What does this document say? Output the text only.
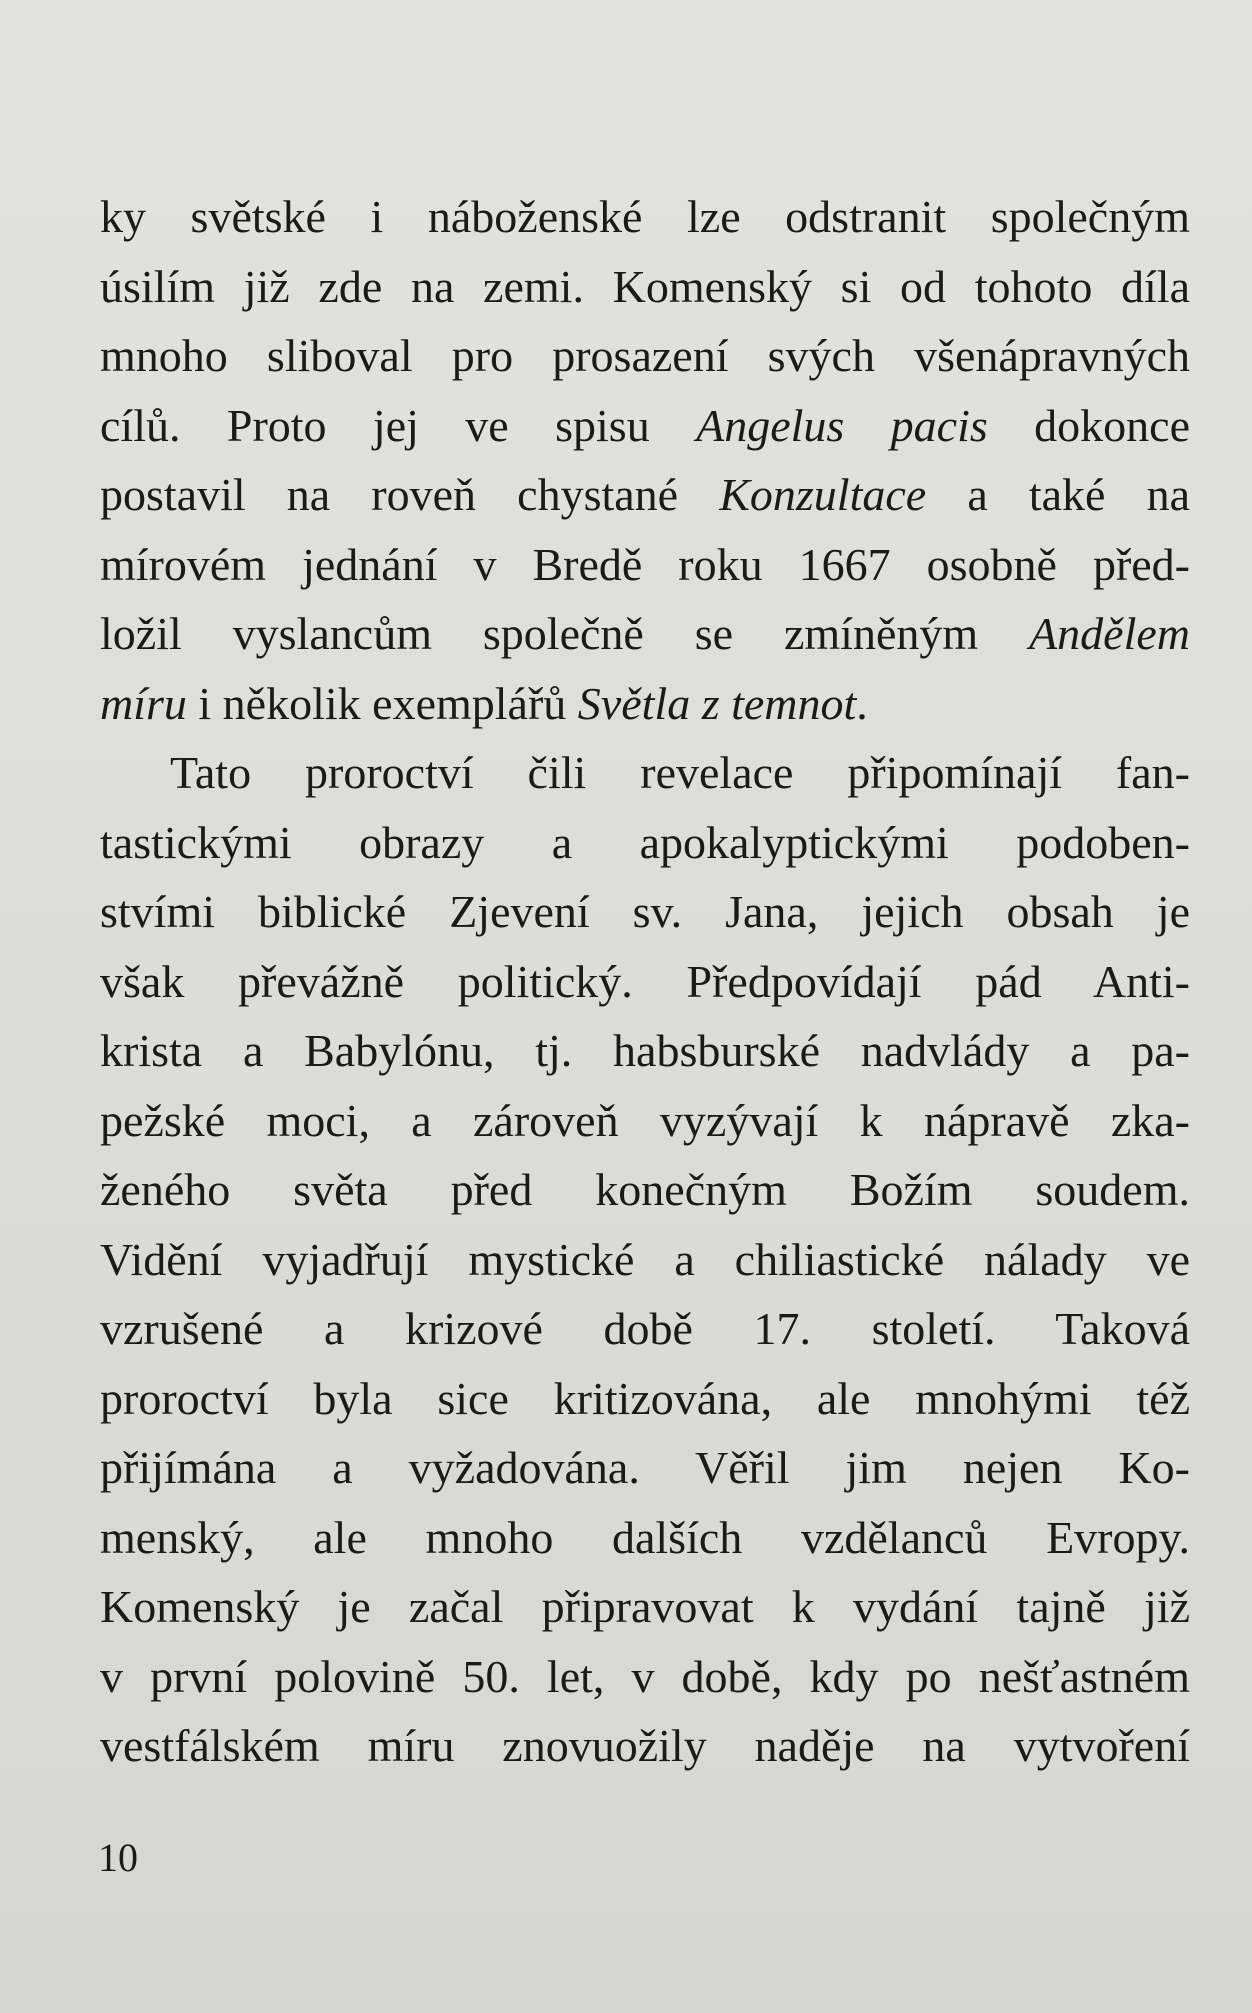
ky světské i náboženské lze odstranit společným
úsilím již zde na zemi. Komenský si od tohoto díla
mnoho sliboval pro prosazení svých všenápravných
cílů. Proto jej ve spisu Angelus pacis dokonce
postavil na roveň chystané Konzultace a také na
mírovém jednání v Bredě roku 1667 osobně před-
ložil vyslancům společně se zmíněným Andělem
míru i několik exemplářů Světla z temnot.
Tato proroctví čili revelace připomínají fan-
tastickými obrazy a apokalyptickými podoben-
stvími biblické Zjevení sv. Jana, jejich obsah je
však převážně politický. Předpovídají pád Anti-
krista a Babylónu, tj. habsburské nadvlády a pa-
pežské moci, a zároveň vyzývají k nápravě zka-
ženého světa před konečným Božím soudem.
Vidění vyjadřují mystické a chiliastické nálady ve
vzrušené a krizové době 17. století. Taková
proroctví byla sice kritizována, ale mnohými též
přijímána a vyžadována. Věřil jim nejen Ko-
menský, ale mnoho dalších vzdělanců Evropy.
Komenský je začal připravovat k vydání tajně již
v první polovině 50. let, v době, kdy po nešťastném
vestfálském míru znovuožily naděje na vytvoření
10
